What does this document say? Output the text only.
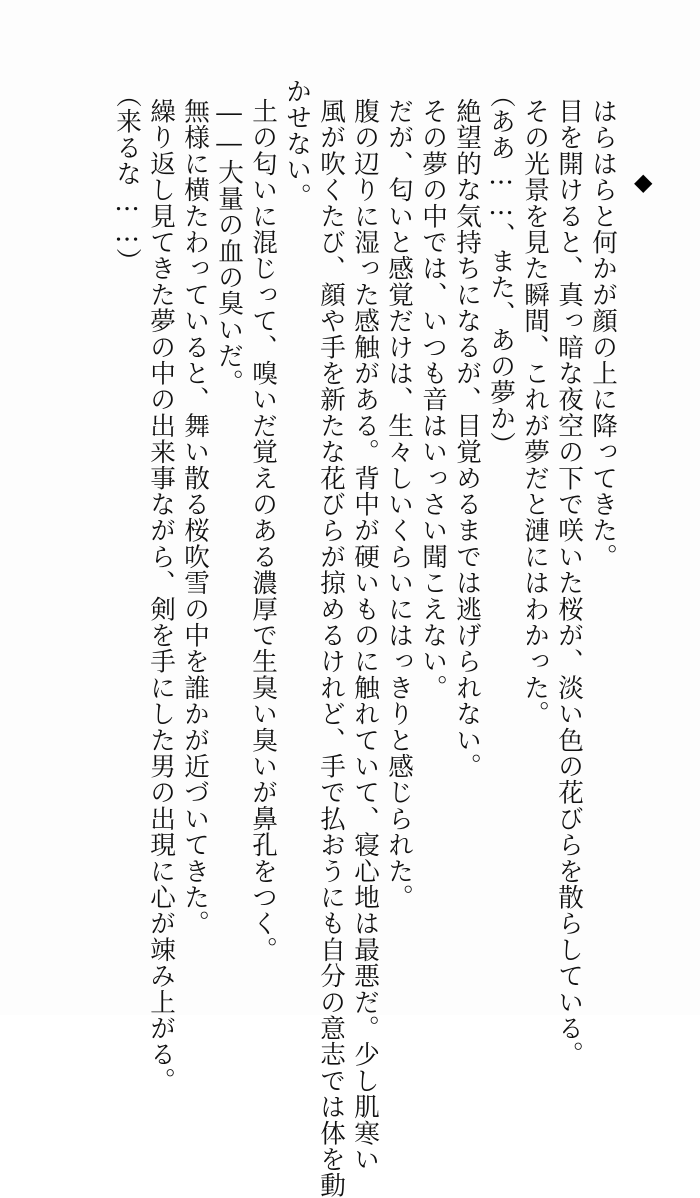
◆
はらはらと何かが顔の上に降ってきた。
目を開けると、真っ暗な夜空の下で咲いた桜が、淡い色の花びらを散らしている。
その光景を見た瞬間、これが夢だと漣にはわかった。
（ああ……、また、あの夢か）
絶望的な気持ちになるが、目覚めるまでは逃げられない。
その夢の中では、いつも音はいっさい聞こえない。
だが、匂いと感覚だけは、生々しいくらいにはっきりと感じられた。
腹の辺りに湿った感触がある。背中が硬いものに触れていて、寝心地は最悪だ。少し肌寒い
風が吹くたび、顔や手を新たな花びらが掠めるけれど、手で払おうにも自分の意志では体を動
かせない。
土の匂いに混じって、嗅いだ覚えのある濃厚で生臭い臭いが鼻孔をつく。
――大量の血の臭いだ。
無様に横たわっていると、舞い散る桜吹雪の中を誰かが近づいてきた。
繰り返し見てきた夢の中の出来事ながら、剣を手にした男の出現に心が竦み上がる。
（来るな……）
